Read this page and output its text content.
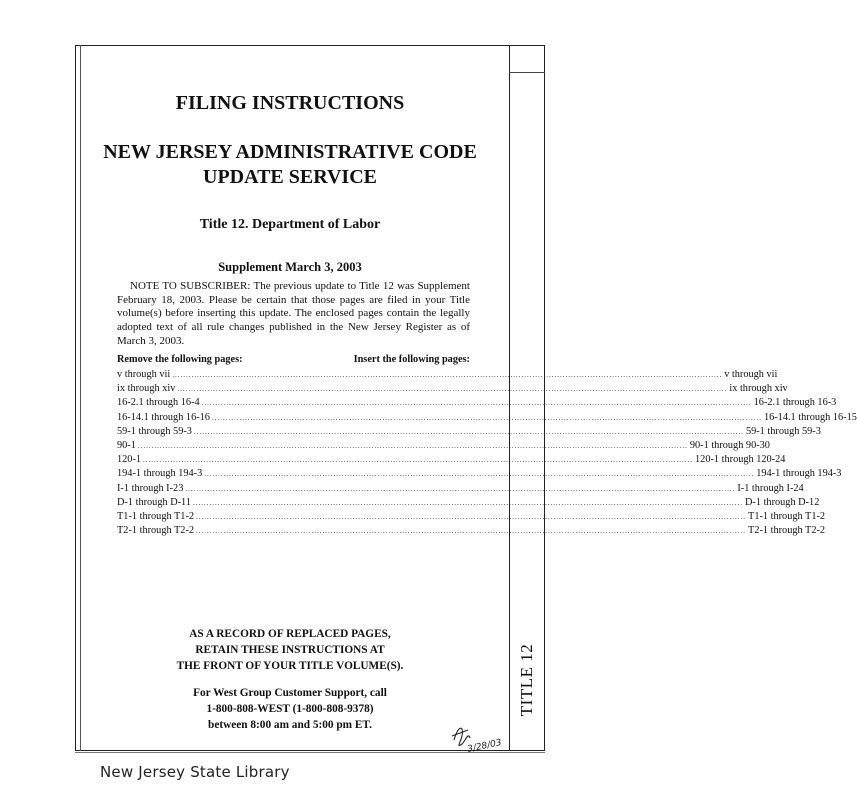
TITLE 12
FILING INSTRUCTIONS
NEW JERSEY ADMINISTRATIVE CODE
UPDATE SERVICE
Title 12. Department of Labor
Supplement March 3, 2003
NOTE TO SUBSCRIBER: The previous update to Title 12 was Supplement February 18, 2003. Please be certain that those pages are filed in your Title volume(s) before inserting this update. The enclosed pages contain the legally adopted text of all rule changes published in the New Jersey Register as of March 3, 2003.
Remove the following pages:	Insert the following pages:
v through vii ........................................................................................................................................................................................................ v through vii
ix through xiv ........................................................................................................................................................................................................ ix through xiv
16-2.1 through 16-4 ........................................................................................................................................................................................................ 16-2.1 through 16-3
16-14.1 through 16-16 ........................................................................................................................................................................................................ 16-14.1 through 16-15
59-1 through 59-3 ........................................................................................................................................................................................................ 59-1 through 59-3
90-1 ........................................................................................................................................................................................................ 90-1 through 90-30
120-1 ........................................................................................................................................................................................................ 120-1 through 120-24
194-1 through 194-3 ........................................................................................................................................................................................................ 194-1 through 194-3
I-1 through I-23 ........................................................................................................................................................................................................ I-1 through I-24
D-1 through D-11 ........................................................................................................................................................................................................ D-1 through D-12
T1-1 through T1-2 ........................................................................................................................................................................................................ T1-1 through T1-2
T2-1 through T2-2 ........................................................................................................................................................................................................ T2-1 through T2-2
AS A RECORD OF REPLACED PAGES,
RETAIN THESE INSTRUCTIONS AT
THE FRONT OF YOUR TITLE VOLUME(S).
For West Group Customer Support, call
1-800-808-WEST (1-800-808-9378)
between 8:00 am and 5:00 pm ET.
3/28/03
New Jersey State Library
